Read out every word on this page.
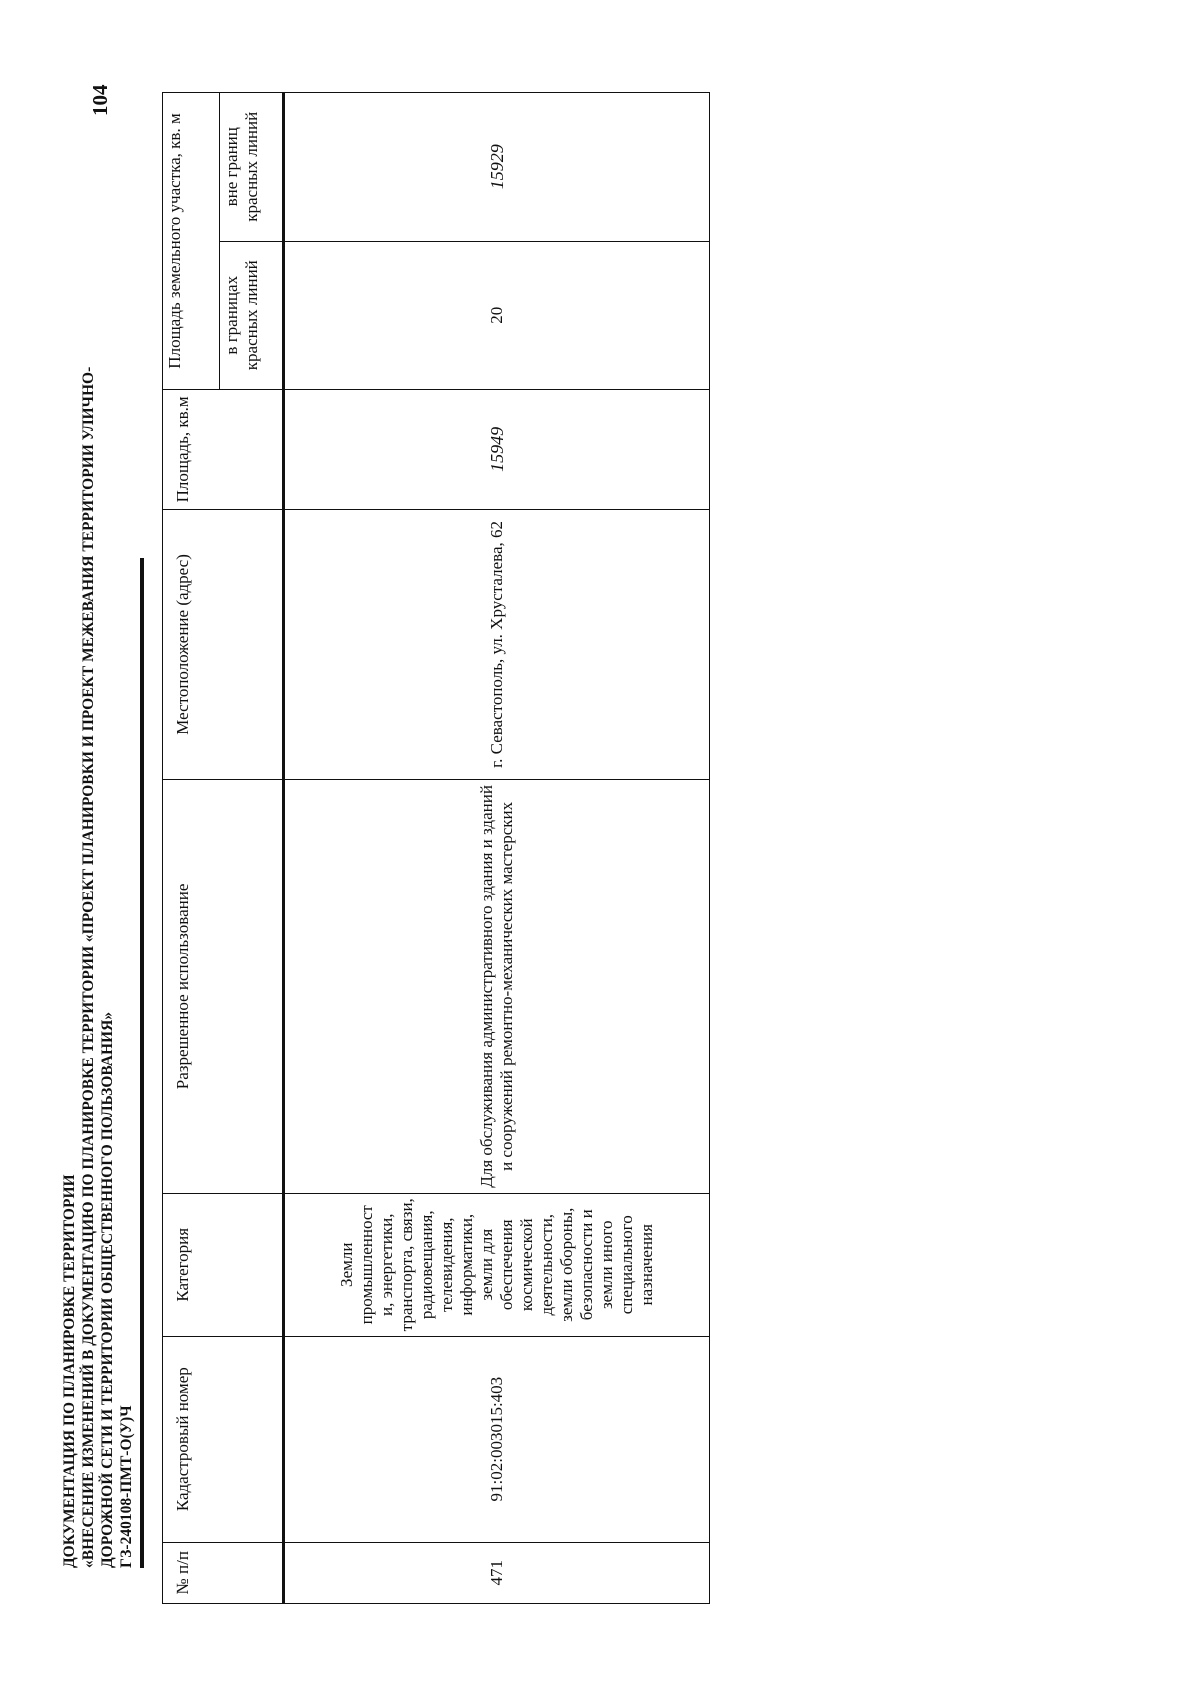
104
ДОКУМЕНТАЦИЯ ПО ПЛАНИРОВКЕ ТЕРРИТОРИИ «ВНЕСЕНИЕ ИЗМЕНЕНИЙ В ДОКУМЕНТАЦИЮ ПО ПЛАНИРОВКЕ ТЕРРИТОРИИ «ПРОЕКТ ПЛАНИРОВКИ И ПРОЕКТ МЕЖЕВАНИЯ ТЕРРИТОРИИ УЛИЧНО- ДОРОЖНОЙ СЕТИ И ТЕРРИТОРИИ ОБЩЕСТВЕННОГО ПОЛЬЗОВАНИЯ» ГЗ-240108-ПМТ-О(У)Ч
№ п/п	Кадастровый номер	Категория	Разрешенное использование	Местоположение (адрес)	Площадь, кв.м	Площадь земельного участка, кв. м	
						в границах красных линий	вне границ красных линий
471	91:02:003015:403	Земли промышленност и, энергетики, транспорта, связи, радиовещания, телевидения, информатики, земли для обеспечения космической деятельности, земли обороны, безопасности и земли иного специального назначения	Для обслуживания административного здания и зданий и сооружений ремонтно-механических мастерских	г. Севастополь, ул. Хрусталева, 62	15949	20	15929
